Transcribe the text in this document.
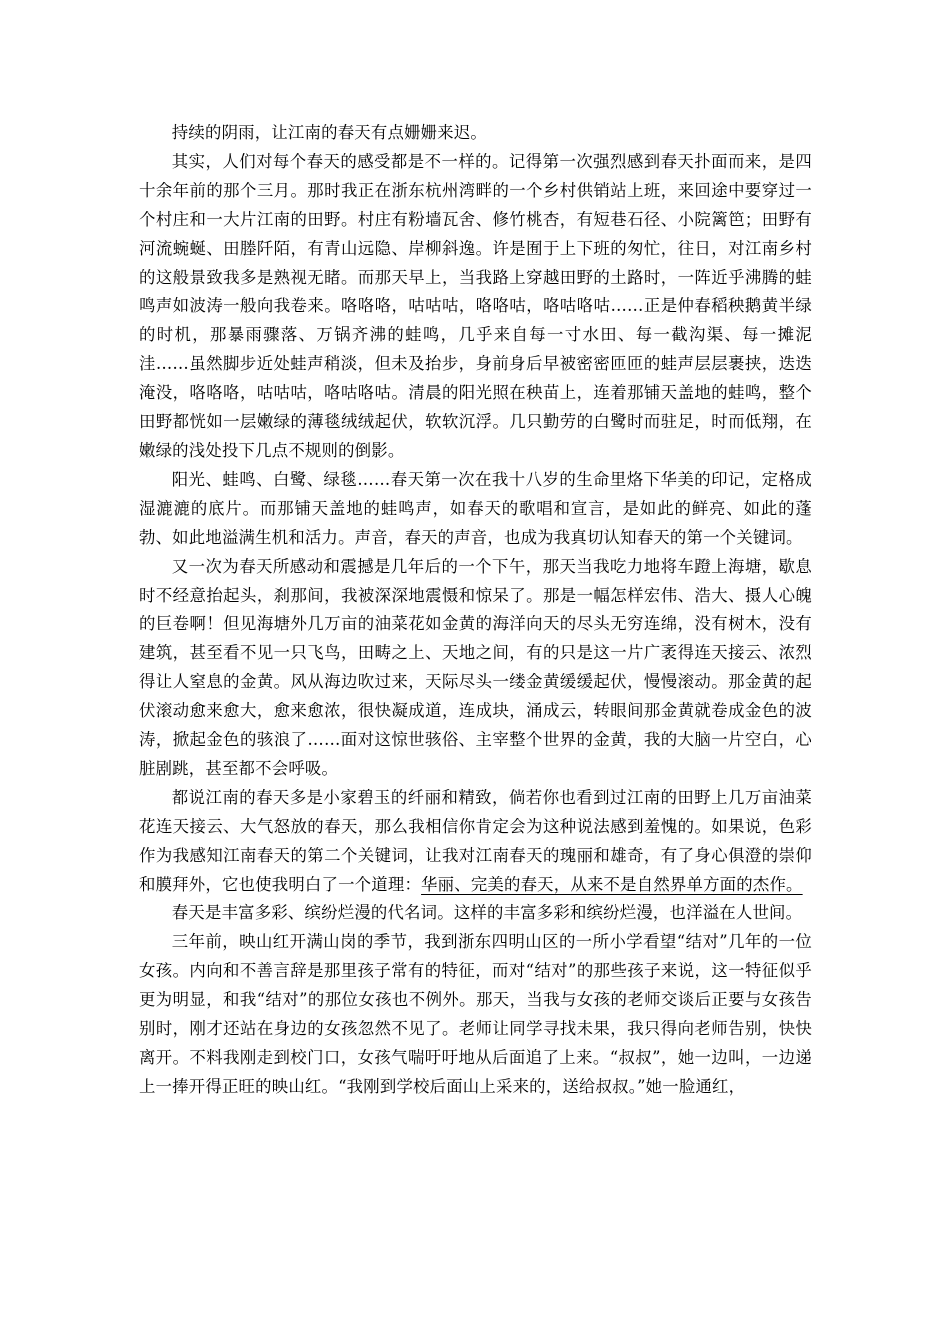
持续的阴雨，让江南的春天有点姗姗来迟。

其实，人们对每个春天的感受都是不一样的。记得第一次强烈感到春天扑面而来，是四十余年前的那个三月。那时我正在浙东杭州湾畔的一个乡村供销站上班，来回途中要穿过一个村庄和一大片江南的田野。村庄有粉墙瓦舍、修竹桃杏，有短巷石径、小院篱笆；田野有河流蜿蜒、田塍阡陌，有青山远隐、岸柳斜逸。许是囿于上下班的匆忙，往日，对江南乡村的这般景致我多是熟视无睹。而那天早上，当我路上穿越田野的土路时，一阵近乎沸腾的蛙鸣声如波涛一般向我卷来。咯咯咯，咕咕咕，咯咯咕，咯咕咯咕……正是仲春稻秧鹅黄半绿的时机，那暴雨骤落、万锅齐沸的蛙鸣，几乎来自每一寸水田、每一截沟渠、每一摊泥洼……虽然脚步近处蛙声稍淡，但未及抬步，身前身后早被密密匝匝的蛙声层层裹挟，迭迭淹没，咯咯咯，咕咕咕，咯咕咯咕。清晨的阳光照在秧苗上，连着那铺天盖地的蛙鸣，整个田野都恍如一层嫩绿的薄毯绒绒起伏，软软沉浮。几只勤劳的白鹭时而驻足，时而低翔，在嫩绿的浅处投下几点不规则的倒影。

阳光、蛙鸣、白鹭、绿毯……春天第一次在我十八岁的生命里烙下华美的印记，定格成湿漉漉的底片。而那铺天盖地的蛙鸣声，如春天的歌唱和宣言，是如此的鲜亮、如此的蓬勃、如此地溢满生机和活力。声音，春天的声音，也成为我真切认知春天的第一个关键词。

又一次为春天所感动和震撼是几年后的一个下午，那天当我吃力地将车蹬上海塘，歇息时不经意抬起头，刹那间，我被深深地震慑和惊呆了。那是一幅怎样宏伟、浩大、摄人心魄的巨卷啊！但见海塘外几万亩的油菜花如金黄的海洋向天的尽头无穷连绵，没有树木，没有建筑，甚至看不见一只飞鸟，田畴之上、天地之间，有的只是这一片广袤得连天接云、浓烈得让人窒息的金黄。风从海边吹过来，天际尽头一缕金黄缓缓起伏，慢慢滚动。那金黄的起伏滚动愈来愈大，愈来愈浓，很快凝成道，连成块，涌成云，转眼间那金黄就卷成金色的波涛，掀起金色的骇浪了……面对这惊世骇俗、主宰整个世界的金黄，我的大脑一片空白，心脏剧跳，甚至都不会呼吸。

都说江南的春天多是小家碧玉的纤丽和精致，倘若你也看到过江南的田野上几万亩油菜花连天接云、大气怒放的春天，那么我相信你肯定会为这种说法感到羞愧的。如果说，色彩作为我感知江南春天的第二个关键词，让我对江南春天的瑰丽和雄奇，有了身心俱澄的崇仰和膜拜外，它也使我明白了一个道理：华丽、完美的春天，从来不是自然界单方面的杰作。

春天是丰富多彩、缤纷烂漫的代名词。这样的丰富多彩和缤纷烂漫，也洋溢在人世间。

三年前，映山红开满山岗的季节，我到浙东四明山区的一所小学看望“结对”几年的一位女孩。内向和不善言辞是那里孩子常有的特征，而对“结对”的那些孩子来说，这一特征似乎更为明显，和我“结对”的那位女孩也不例外。那天，当我与女孩的老师交谈后正要与女孩告别时，刚才还站在身边的女孩忽然不见了。老师让同学寻找未果，我只得向老师告别，快快离开。不料我刚走到校门口，女孩气喘吁吁地从后面追了上来。“叔叔”，她一边叫，一边递上一捧开得正旺的映山红。“我刚到学校后面山上采来的，送给叔叔。”她一脸通红，
